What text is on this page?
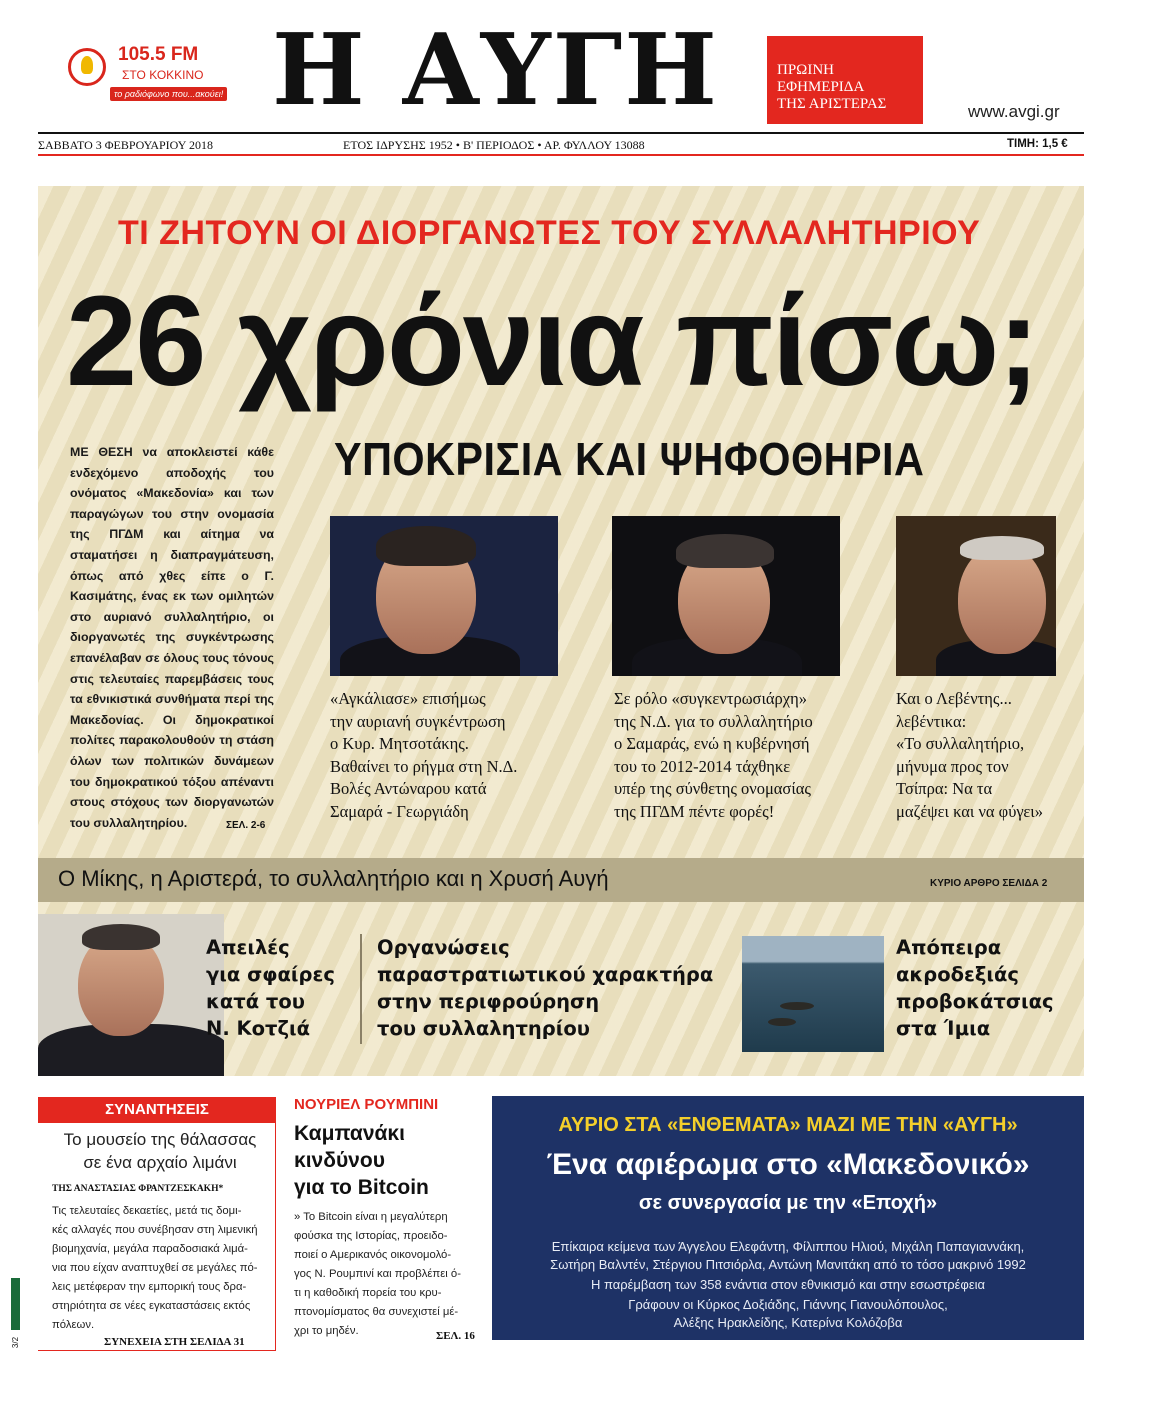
105.5 FM
ΣΤΟ ΚΟΚΚΙΝΟ
το ραδιόφωνο που...ακούει! Η ΑΥΓΗ	ΠΡΩΙΝΗ
ΕΦΗΜΕΡΙΔΑ
ΤΗΣ ΑΡΙΣΤΕΡΑΣ	www.avgi.gr
ΣΑΒΒΑΤΟ 3 ΦΕΒΡΟΥΑΡΙΟΥ 2018	ΕΤΟΣ ΙΔΡΥΣΗΣ 1952 • Β' ΠΕΡΙΟΔΟΣ • ΑΡ. ΦΥΛΛΟΥ 13088	ΤΙΜΗ: 1,5 €
ΤΙ ΖΗΤΟΥΝ ΟΙ ΔΙΟΡΓΑΝΩΤΕΣ ΤΟΥ ΣΥΛΛΑΛΗΤΗΡΙΟΥ
26 χρόνια πίσω;
ΥΠΟΚΡΙΣΙΑ ΚΑΙ ΨΗΦΟΘΗΡΙΑ
ΜΕ ΘΕΣΗ να αποκλειστεί κάθε ενδεχόμενο αποδοχής του ονόματος «Μακεδονία» και των παραγώγων του στην ονομασία της ΠΓΔΜ και αίτημα να σταματήσει η διαπραγμάτευση, όπως από χθες είπε ο Γ. Κασιμάτης, ένας εκ των ομιλητών στο αυριανό συλλαλητήριο, οι διοργανωτές της συγκέντρωσης επανέλαβαν σε όλους τους τόνους στις τελευταίες παρεμβάσεις τους τα εθνικιστικά συνθήματα περί της Μακεδονίας. Οι δημοκρατικοί πολίτες παρακολουθούν τη στάση όλων των πολιτικών δυνάμεων του δημοκρατικού τόξου απέναντι στους στόχους των διοργανωτών του συλλαλητηρίου.	ΣΕΛ. 2-6
«Αγκάλιασε» επισήμως
την αυριανή συγκέντρωση
ο Κυρ. Μητσοτάκης.
Βαθαίνει το ρήγμα στη Ν.Δ.
Βολές Αντώναρου κατά
Σαμαρά - Γεωργιάδη
Σε ρόλο «συγκεντρωσιάρχη»
της Ν.Δ. για το συλλαλητήριο
ο Σαμαράς, ενώ η κυβέρνησή
του το 2012-2014 τάχθηκε
υπέρ της σύνθετης ονομασίας
της ΠΓΔΜ πέντε φορές!
Και ο Λεβέντης...
λεβέντικα:
«Το συλλαλητήριο,
μήνυμα προς τον
Τσίπρα: Να τα
μαζέψει και να φύγει»
Ο Μίκης, η Αριστερά, το συλλαλητήριο και η Χρυσή Αυγή	ΚΥΡΙΟ ΑΡΘΡΟ ΣΕΛΙΔΑ 2
Απειλές
για σφαίρες
κατά του
Ν. Κοτζιά
Οργανώσεις
παραστρατιωτικού χαρακτήρα
στην περιφρούρηση
του συλλαλητηρίου
Απόπειρα
ακροδεξιάς
προβοκάτσιας
στα Ίμια
ΣΥΝΑΝΤΗΣΕΙΣ
Το μουσείο της θάλασσας
σε ένα αρχαίο λιμάνι
ΤΗΣ ΑΝΑΣΤΑΣΙΑΣ ΦΡΑΝΤΖΕΣΚΑΚΗ*
Τις τελευταίες δεκαετίες, μετά τις δομι-
κές αλλαγές που συνέβησαν στη λιμενική
βιομηχανία, μεγάλα παραδοσιακά λιμά-
νια που είχαν αναπτυχθεί σε μεγάλες πό-
λεις μετέφεραν την εμπορική τους δρα-
στηριότητα σε νέες εγκαταστάσεις εκτός
πόλεων.
ΣΥΝΕΧΕΙΑ ΣΤΗ ΣΕΛΙΔΑ 31
ΝΟΥΡΙΕΛ ΡΟΥΜΠΙΝΙ
Καμπανάκι
κινδύνου
για το Bitcoin
» Το Bitcoin είναι η μεγαλύτερη
φούσκα της Ιστορίας, προειδο-
ποιεί ο Αμερικανός οικονομολό-
γος Ν. Ρουμπινί και προβλέπει ό-
τι η καθοδική πορεία του κρυ-
πτονομίσματος θα συνεχιστεί μέ-
χρι το μηδέν.	ΣΕΛ. 16
ΑΥΡΙΟ ΣΤΑ «ΕΝΘΕΜΑΤΑ» ΜΑΖΙ ΜΕ ΤΗΝ «ΑΥΓΗ»
Ένα αφιέρωμα στο «Μακεδονικό»
σε συνεργασία με την «Εποχή»
Επίκαιρα κείμενα των Άγγελου Ελεφάντη, Φίλιππου Ηλιού, Μιχάλη Παπαγιαννάκη,
Σωτήρη Βαλντέν, Στέργιου Πιτσιόρλα, Αντώνη Μανιτάκη από το τόσο μακρινό 1992
Η παρέμβαση των 358 ενάντια στον εθνικισμό και στην εσωστρέφεια
Γράφουν οι Κύρκος Δοξιάδης, Γιάννης Γιανουλόπουλος,
Αλέξης Ηρακλείδης, Κατερίνα Κολόζοβα
3/2
